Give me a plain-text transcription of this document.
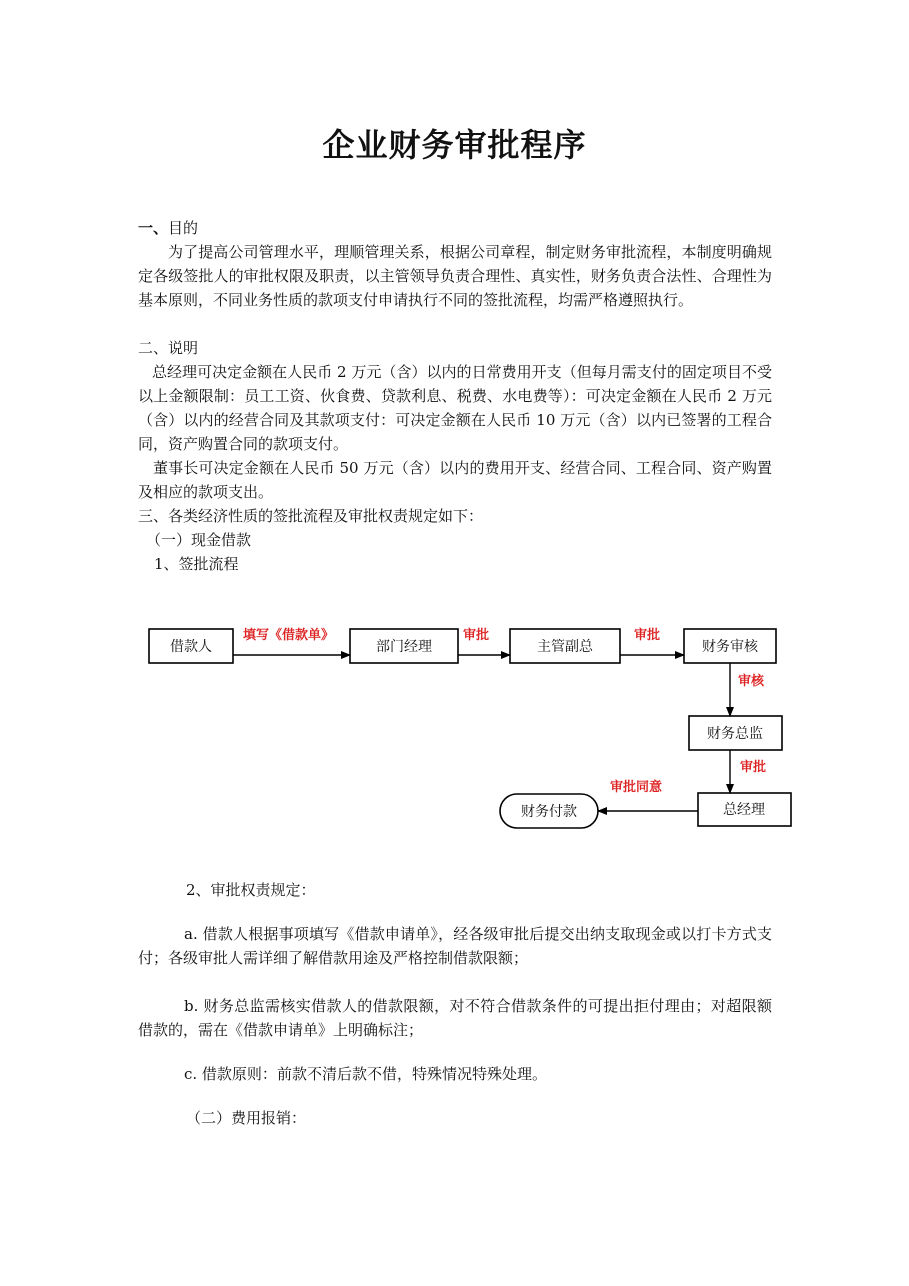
企业财务审批程序
一、目的
为了提高公司管理水平，理顺管理关系，根据公司章程，制定财务审批流程，本制度明确规定各级签批人的审批权限及职责，以主管领导负责合理性、真实性，财务负责合法性、合理性为基本原则，不同业务性质的款项支付申请执行不同的签批流程，均需严格遵照执行。
二、说明
总经理可决定金额在人民币 2 万元（含）以内的日常费用开支（但每月需支付的固定项目不受以上金额限制：员工工资、伙食费、贷款利息、税费、水电费等）：可决定金额在人民币 2 万元（含）以内的经营合同及其款项支付：可决定金额在人民币 10 万元（含）以内已签署的工程合同，资产购置合同的款项支付。
董事长可决定金额在人民币 50 万元（含）以内的费用开支、经营合同、工程合同、资产购置及相应的款项支出。
三、各类经济性质的签批流程及审批权责规定如下：
（一）现金借款
1、签批流程
借款人	部门经理	主管副总	财务审核
财务总监
总经理
财务付款
填写《借款单》	审批	审批
审核
审批
审批同意
2、审批权责规定：
a. 借款人根据事项填写《借款申请单》，经各级审批后提交出纳支取现金或以打卡方式支付；各级审批人需详细了解借款用途及严格控制借款限额；
b. 财务总监需核实借款人的借款限额，对不符合借款条件的可提出拒付理由；对超限额借款的，需在《借款申请单》上明确标注；
c. 借款原则：前款不清后款不借，特殊情况特殊处理。
（二）费用报销：
